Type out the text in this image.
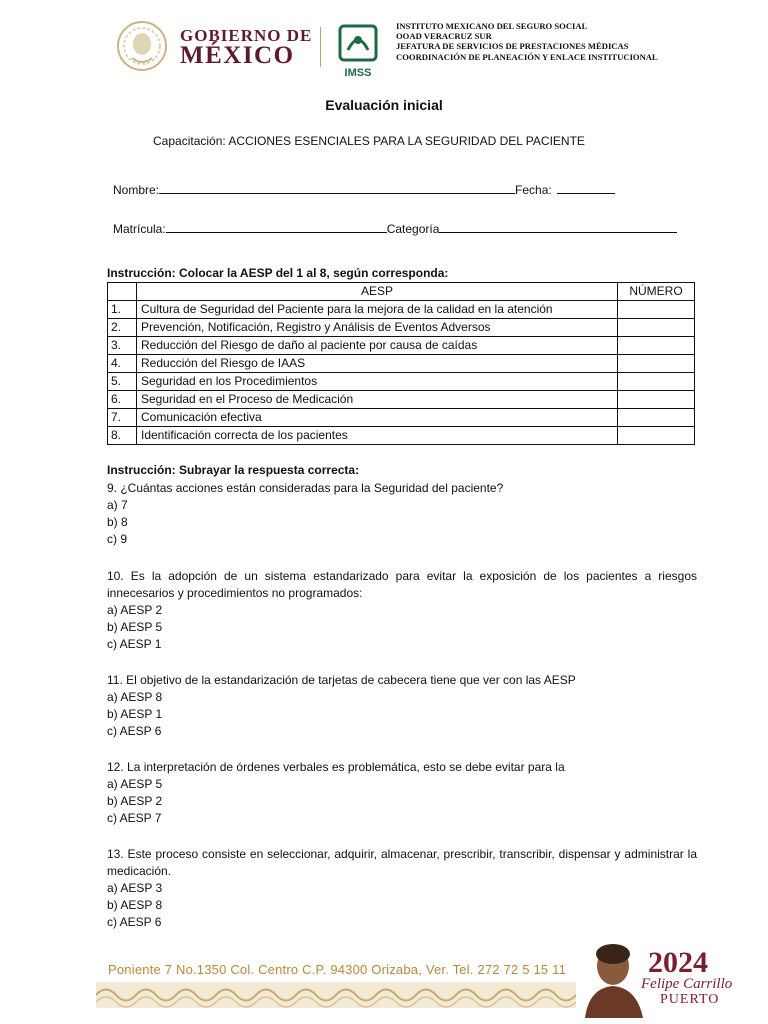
GOBIERNO DE
MÉXICO
IMSS
INSTITUTO MEXICANO DEL SEGURO SOCIAL
OOAD VERACRUZ SUR
JEFATURA DE SERVICIOS DE PRESTACIONES MÉDICAS
COORDINACIÓN DE PLANEACIÓN Y ENLACE INSTITUCIONAL
Evaluación inicial
Capacitación: ACCIONES ESENCIALES PARA LA SEGURIDAD DEL PACIENTE
Nombre:	Fecha:
Matrícula:	Categoría
Instrucción: Colocar la AESP del 1 al 8, según corresponda:
	AESP	NÚMERO
1.	Cultura de Seguridad del Paciente para la mejora de la calidad en la atención	
2.	Prevención, Notificación, Registro y Análisis de Eventos Adversos	
3.	Reducción del Riesgo de daño al paciente por causa de caídas	
4.	Reducción del Riesgo de IAAS	
5.	Seguridad en los Procedimientos	
6.	Seguridad en el Proceso de Medicación	
7.	Comunicación efectiva	
8.	Identificación correcta de los pacientes	
Instrucción: Subrayar la respuesta correcta:

9. ¿Cuántas acciones están consideradas para la Seguridad del paciente?

a) 7

b) 8

c) 9

10. Es la adopción de un sistema estandarizado para evitar la exposición de los pacientes a riesgos innecesarios y procedimientos no programados:

a) AESP 2

b) AESP 5

c) AESP 1

11. El objetivo de la estandarización de tarjetas de cabecera tiene que ver con las AESP

a) AESP 8

b) AESP 1

c) AESP 6

12. La interpretación de órdenes verbales es problemática, esto se debe evitar para la

a) AESP 5

b) AESP 2

c) AESP 7

13. Este proceso consiste en seleccionar, adquirir, almacenar, prescribir, transcribir, dispensar y administrar la medicación.

a) AESP 3

b) AESP 8

c) AESP 6

Poniente 7 No.1350 Col. Centro C.P. 94300 Orizaba, Ver. Tel. 272 72 5 15 11	2024
Felipe Carrillo
PUERTO
